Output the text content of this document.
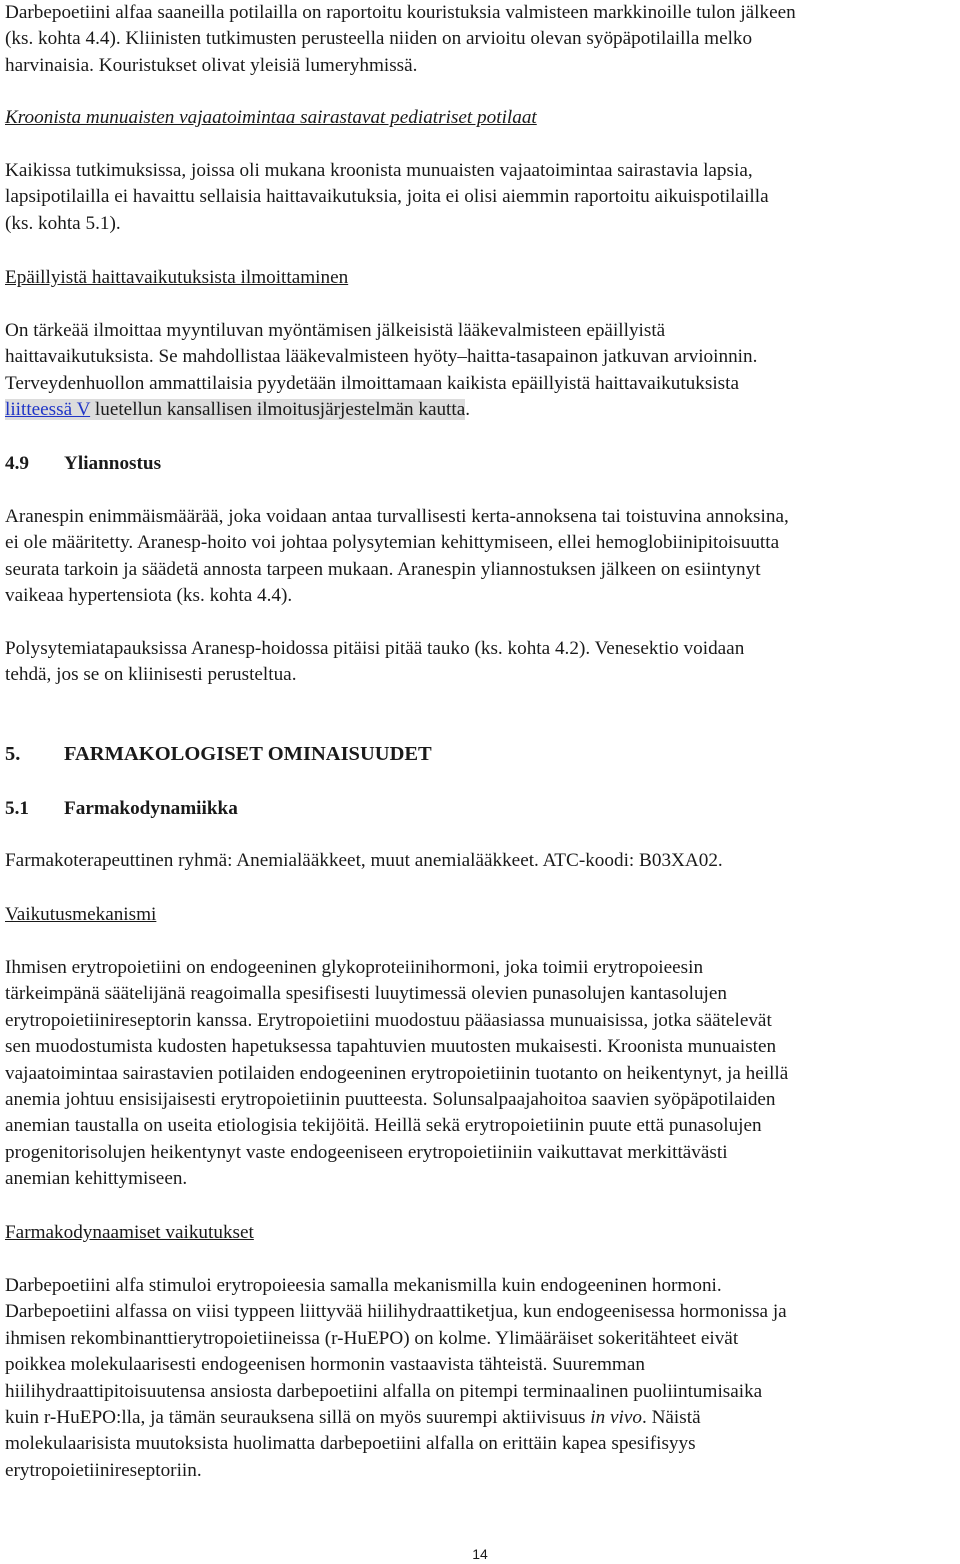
Darbepoetiini alfaa saaneilla potilailla on raportoitu kouristuksia valmisteen markkinoille tulon jälkeen
(ks. kohta 4.4). Kliinisten tutkimusten perusteella niiden on arvioitu olevan syöpäpotilailla melko
harvinaisia. Kouristukset olivat yleisiä lumeryhmissä.

Kroonista munuaisten vajaatoimintaa sairastavat pediatriset potilaat

Kaikissa tutkimuksissa, joissa oli mukana kroonista munuaisten vajaatoimintaa sairastavia lapsia,
lapsipotilailla ei havaittu sellaisia haittavaikutuksia, joita ei olisi aiemmin raportoitu aikuispotilailla
(ks. kohta 5.1).

Epäillyistä haittavaikutuksista ilmoittaminen

On tärkeää ilmoittaa myyntiluvan myöntämisen jälkeisistä lääkevalmisteen epäillyistä
haittavaikutuksista. Se mahdollistaa lääkevalmisteen hyöty–haitta-tasapainon jatkuvan arvioinnin.
Terveydenhuollon ammattilaisia pyydetään ilmoittamaan kaikista epäillyistä haittavaikutuksista
liitteessä V luetellun kansallisen ilmoitusjärjestelmän kautta.

4.9 Yliannostus

Aranespin enimmäismäärää, joka voidaan antaa turvallisesti kerta-annoksena tai toistuvina annoksina,
ei ole määritetty. Aranesp-hoito voi johtaa polysytemian kehittymiseen, ellei hemoglobiinipitoisuutta
seurata tarkoin ja säädetä annosta tarpeen mukaan. Aranespin yliannostuksen jälkeen on esiintynyt
vaikeaa hypertensiota (ks. kohta 4.4).

Polysytemiatapauksissa Aranesp-hoidossa pitäisi pitää tauko (ks. kohta 4.2). Venesektio voidaan
tehdä, jos se on kliinisesti perusteltua.

5. FARMAKOLOGISET OMINAISUUDET
5.1 Farmakodynamiikka

Farmakoterapeuttinen ryhmä: Anemialääkkeet, muut anemialääkkeet. ATC-koodi: B03XA02.

Vaikutusmekanismi

Ihmisen erytropoietiini on endogeeninen glykoproteiinihormoni, joka toimii erytropoieesin
tärkeimpänä säätelijänä reagoimalla spesifisesti luuytimessä olevien punasolujen kantasolujen
erytropoietiinireseptorin kanssa. Erytropoietiini muodostuu pääasiassa munuaisissa, jotka säätelevät
sen muodostumista kudosten hapetuksessa tapahtuvien muutosten mukaisesti. Kroonista munuaisten
vajaatoimintaa sairastavien potilaiden endogeeninen erytropoietiinin tuotanto on heikentynyt, ja heillä
anemia johtuu ensisijaisesti erytropoietiinin puutteesta. Solunsalpaajahoitoa saavien syöpäpotilaiden
anemian taustalla on useita etiologisia tekijöitä. Heillä sekä erytropoietiinin puute että punasolujen
progenitorisolujen heikentynyt vaste endogeeniseen erytropoietiiniin vaikuttavat merkittävästi
anemian kehittymiseen.

Farmakodynaamiset vaikutukset

Darbepoetiini alfa stimuloi erytropoieesia samalla mekanismilla kuin endogeeninen hormoni.
Darbepoetiini alfassa on viisi typpeen liittyvää hiilihydraattiketjua, kun endogeenisessa hormonissa ja
ihmisen rekombinanttierytropoietiineissa (r-HuEPO) on kolme. Ylimääräiset sokeritähteet eivät
poikkea molekulaarisesti endogeenisen hormonin vastaavista tähteistä. Suuremman
hiilihydraattipitoisuutensa ansiosta darbepoetiini alfalla on pitempi terminaalinen puoliintumisaika
kuin r-HuEPO:lla, ja tämän seurauksena sillä on myös suurempi aktiivisuus in vivo. Näistä
molekulaarisista muutoksista huolimatta darbepoetiini alfalla on erittäin kapea spesifisyys
erytropoietiinireseptoriin.

14
